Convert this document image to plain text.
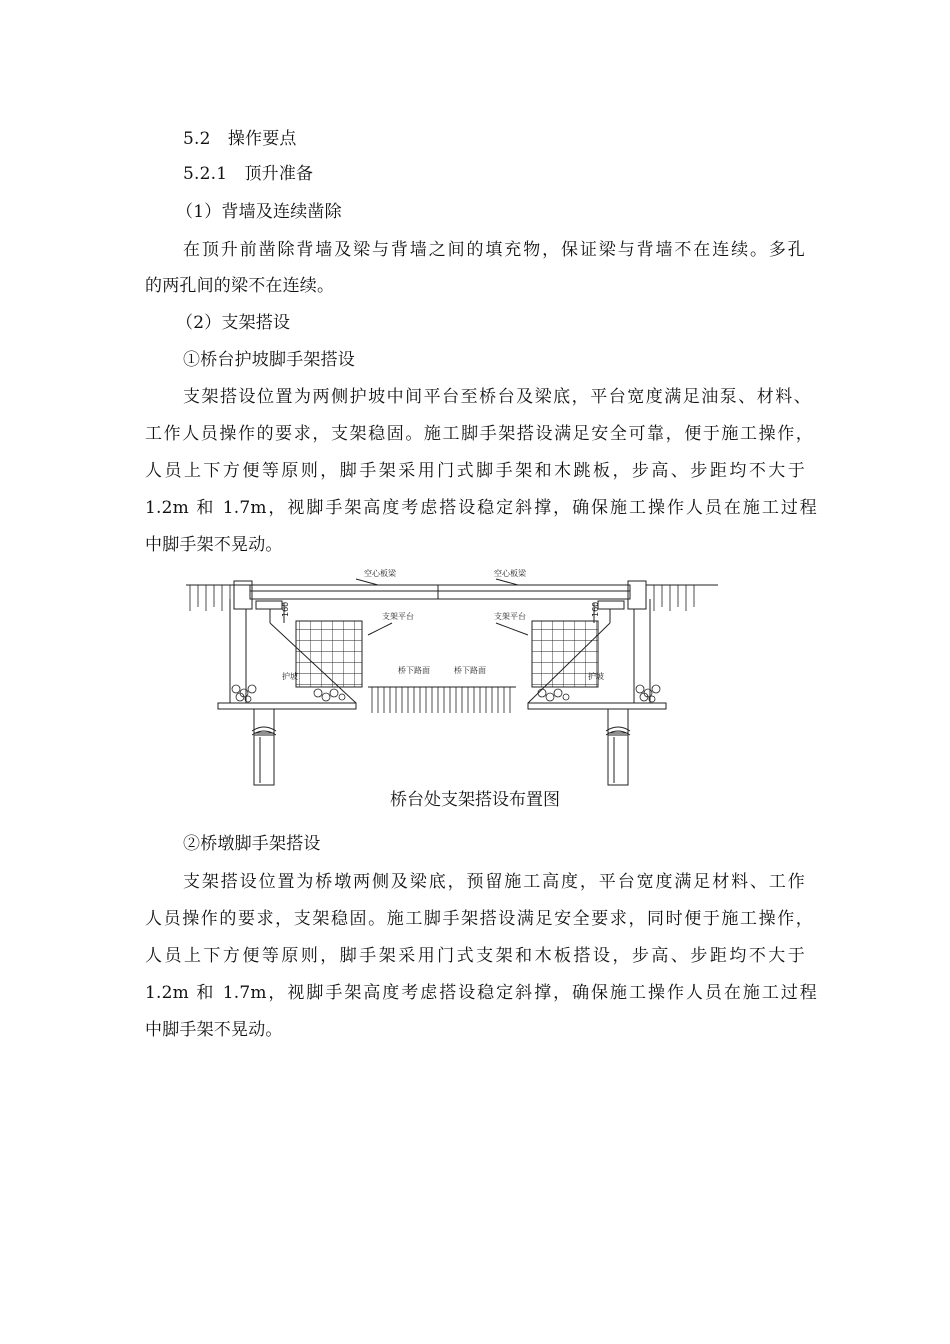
5.2　操作要点
5.2.1　顶升准备
（1）背墙及连续凿除
在顶升前凿除背墙及梁与背墙之间的填充物，保证梁与背墙不在连续。多孔
的两孔间的梁不在连续。
（2）支架搭设
①桥台护坡脚手架搭设
支架搭设位置为两侧护坡中间平台至桥台及梁底，平台宽度满足油泵、材料、
工作人员操作的要求，支架稳固。施工脚手架搭设满足安全可靠，便于施工操作，
人员上下方便等原则，脚手架采用门式脚手架和木跳板，步高、步距均不大于
1.2m 和 1.7m，视脚手架高度考虑搭设稳定斜撑，确保施工操作人员在施工过程
中脚手架不晃动。
空心板梁	空心板梁
支架平台	支架平台
护坡	护坡
桥下路面	桥下路面
160	160
桥台处支架搭设布置图
②桥墩脚手架搭设
支架搭设位置为桥墩两侧及梁底，预留施工高度，平台宽度满足材料、工作
人员操作的要求，支架稳固。施工脚手架搭设满足安全要求，同时便于施工操作，
人员上下方便等原则，脚手架采用门式支架和木板搭设，步高、步距均不大于
1.2m 和 1.7m，视脚手架高度考虑搭设稳定斜撑，确保施工操作人员在施工过程
中脚手架不晃动。
